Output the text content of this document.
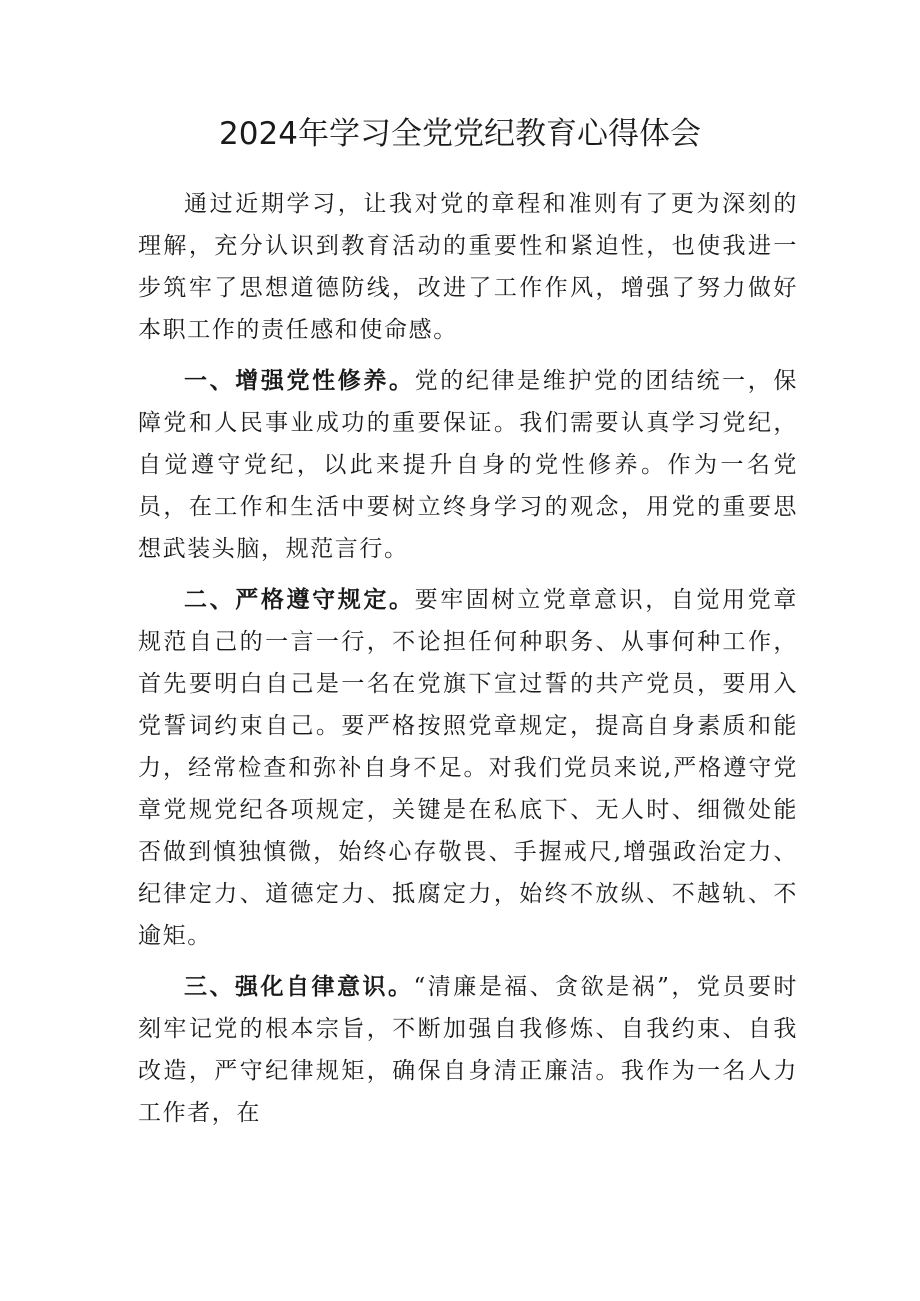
2024年学习全党党纪教育心得体会

通过近期学习，让我对党的章程和准则有了更为深刻的理解，充分认识到教育活动的重要性和紧迫性，也使我进一步筑牢了思想道德防线，改进了工作作风，增强了努力做好本职工作的责任感和使命感。

一、增强党性修养。党的纪律是维护党的团结统一，保障党和人民事业成功的重要保证。我们需要认真学习党纪，自觉遵守党纪，以此来提升自身的党性修养。作为一名党员，在工作和生活中要树立终身学习的观念，用党的重要思想武装头脑，规范言行。

二、严格遵守规定。要牢固树立党章意识，自觉用党章规范自己的一言一行，不论担任何种职务、从事何种工作，首先要明白自己是一名在党旗下宣过誓的共产党员，要用入党誓词约束自己。要严格按照党章规定，提高自身素质和能力，经常检查和弥补自身不足。对我们党员来说,严格遵守党章党规党纪各项规定，关键是在私底下、无人时、细微处能否做到慎独慎微，始终心存敬畏、手握戒尺,增强政治定力、纪律定力、道德定力、抵腐定力，始终不放纵、不越轨、不逾矩。

三、强化自律意识。“清廉是福、贪欲是祸”，党员要时刻牢记党的根本宗旨，不断加强自我修炼、自我约束、自我改造，严守纪律规矩，确保自身清正廉洁。我作为一名人力工作者，在
